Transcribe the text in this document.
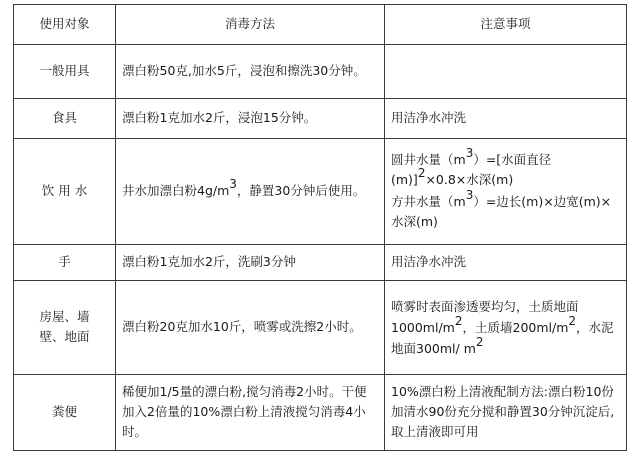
使用对象	消毒方法	注意事项
一般用具	漂白粉50克,加水5斤，浸泡和擦洗30分钟。	
食具	漂白粉1克加水2斤，浸泡15分钟。	用洁净水冲洗
饮 用 水	井水加漂白粉$4g/m^3$，静置30分钟后使用。	圆井水量$(m^3)=$[水面直径(m)]$^2$×0.8×水深(m)
方井水量$(m^3)=$边长(m)×边宽(m)×水深(m)

手	漂白粉1克加水2斤，洗刷3分钟	用洁净水冲洗
房屋、墙壁、地面	漂白粉20克加水10斤，喷雾或洗擦2小时。	喷雾时表面渗透要均匀，土质地面$1000ml/m^2$，土质墙$200ml/m^2$，水泥地面300ml/ $m^2$
粪便	稀便加1/5量的漂白粉,搅匀消毒2小时。干便加入2倍量的10%漂白粉上清液搅匀消毒4小时。	10%漂白粉上清液配制方法:漂白粉10份加清水90份充分搅和静置30分钟沉淀后,取上清液即可用
